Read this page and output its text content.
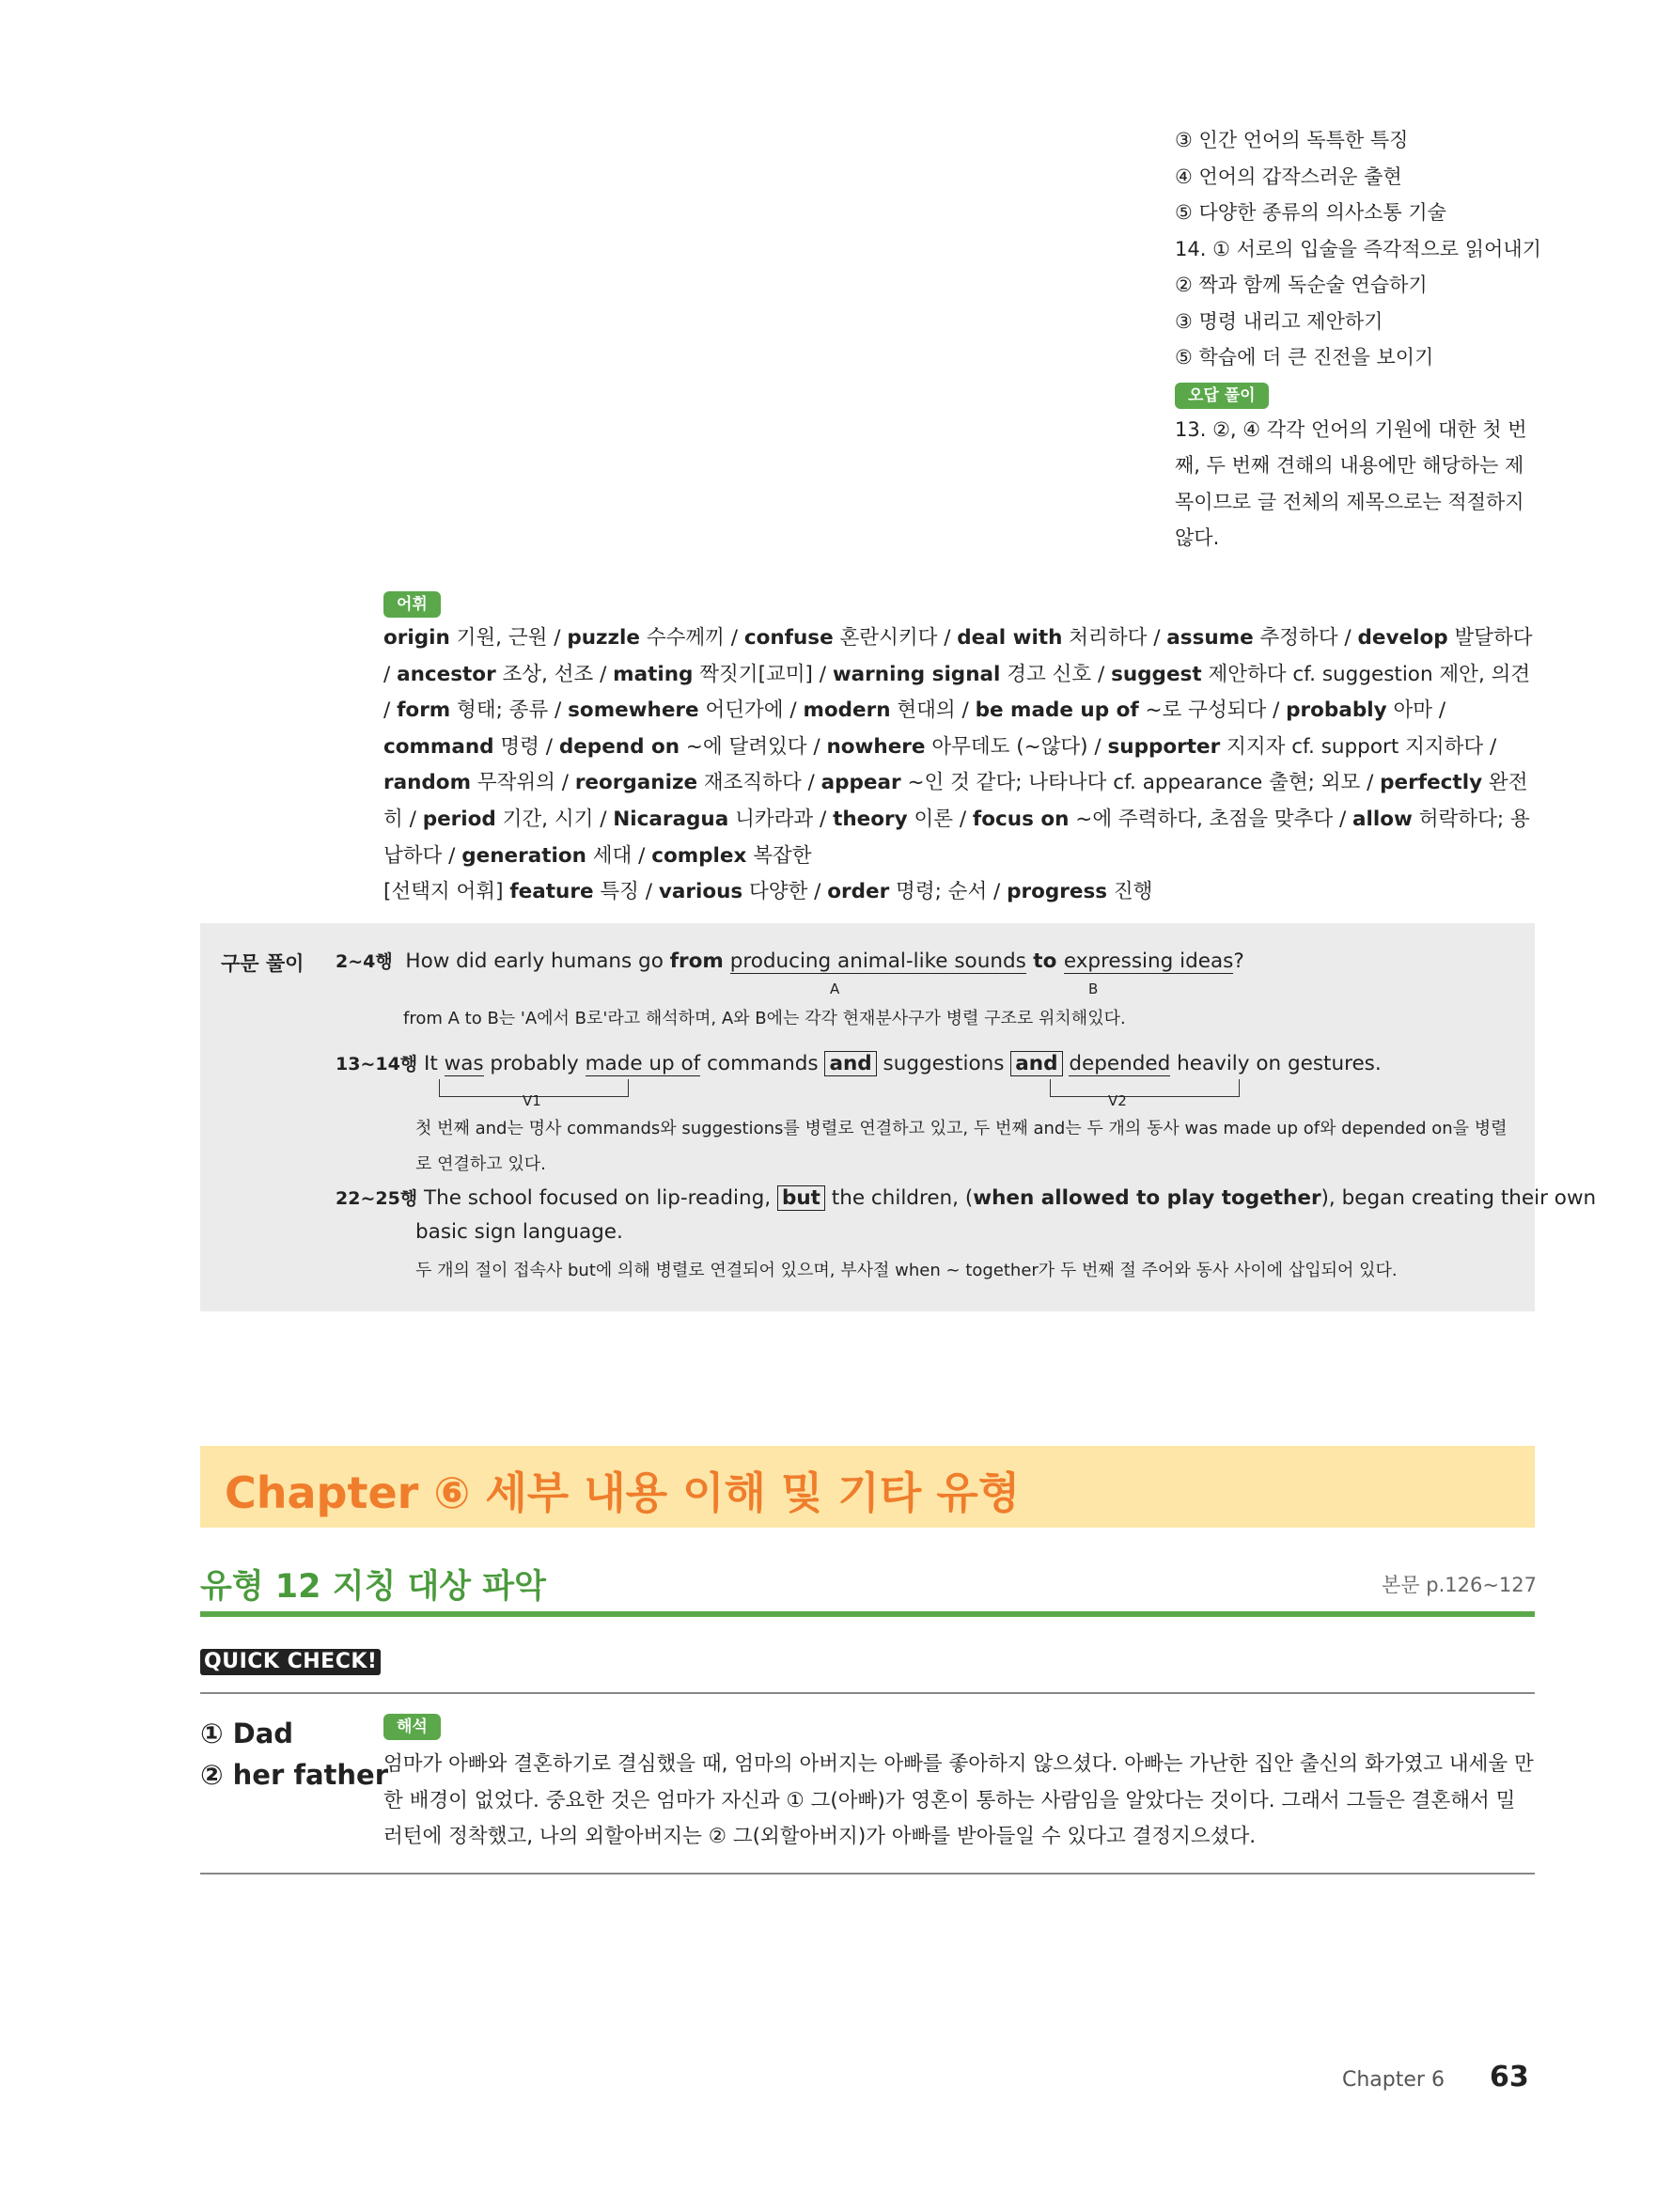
③ 인간 언어의 독특한 특징
④ 언어의 갑작스러운 출현
⑤ 다양한 종류의 의사소통 기술
14. ① 서로의 입술을 즉각적으로 읽어내기
② 짝과 함께 독순술 연습하기
③ 명령 내리고 제안하기
⑤ 학습에 더 큰 진전을 보이기
오답 풀이
13. ②, ④ 각각 언어의 기원에 대한 첫 번째, 두 번째 견해의 내용에만 해당하는 제목이므로 글 전체의 제목으로는 적절하지 않다.
어휘
origin 기원, 근원 / puzzle 수수께끼 / confuse 혼란시키다 / deal with 처리하다 / assume 추정하다 / develop 발달하다 / ancestor 조상, 선조 / mating 짝짓기[교미] / warning signal 경고 신호 / suggest 제안하다 cf. suggestion 제안, 의견 / form 형태; 종류 / somewhere 어딘가에 / modern 현대의 / be made up of ~로 구성되다 / probably 아마 / command 명령 / depend on ~에 달려있다 / nowhere 아무데도 (~않다) / supporter 지지자 cf. support 지지하다 / random 무작위의 / reorganize 재조직하다 / appear ~인 것 같다; 나타나다 cf. appearance 출현; 외모 / perfectly 완전히 / period 기간, 시기 / Nicaragua 니카라과 / theory 이론 / focus on ~에 주력하다, 초점을 맞추다 / allow 허락하다; 용납하다 / generation 세대 / complex 복잡한
[선택지 어휘] feature 특징 / various 다양한 / order 명령; 순서 / progress 진행
구문 풀이 2~4행 How did early humans go from producing animal-like sounds to expressing ideas?
A	B
from A to B는 'A에서 B로'라고 해석하며, A와 B에는 각각 현재분사구가 병렬 구조로 위치해있다.
13~14행 It was probably made up of commands and suggestions and depended heavily on gestures.
V1	V2
첫 번째 and는 명사 commands와 suggestions를 병렬로 연결하고 있고, 두 번째 and는 두 개의 동사 was made up of와 depended on을 병렬
로 연결하고 있다.
22~25행 The school focused on lip-reading, but the children, (when allowed to play together), began creating their own
basic sign language.
두 개의 절이 접속사 but에 의해 병렬로 연결되어 있으며, 부사절 when ~ together가 두 번째 절 주어와 동사 사이에 삽입되어 있다.
Chapter ⑥ 세부 내용 이해 및 기타 유형
유형 12 지칭 대상 파악	본문 p.126~127
QUICK CHECK!
① Dad
② her father
해석
엄마가 아빠와 결혼하기로 결심했을 때, 엄마의 아버지는 아빠를 좋아하지 않으셨다. 아빠는 가난한 집안 출신의 화가였고 내세울 만한 배경이 없었다. 중요한 것은 엄마가 자신과 ① 그(아빠)가 영혼이 통하는 사람임을 알았다는 것이다. 그래서 그들은 결혼해서 밀러턴에 정착했고, 나의 외할아버지는 ② 그(외할아버지)가 아빠를 받아들일 수 있다고 결정지으셨다.
Chapter 6 63
